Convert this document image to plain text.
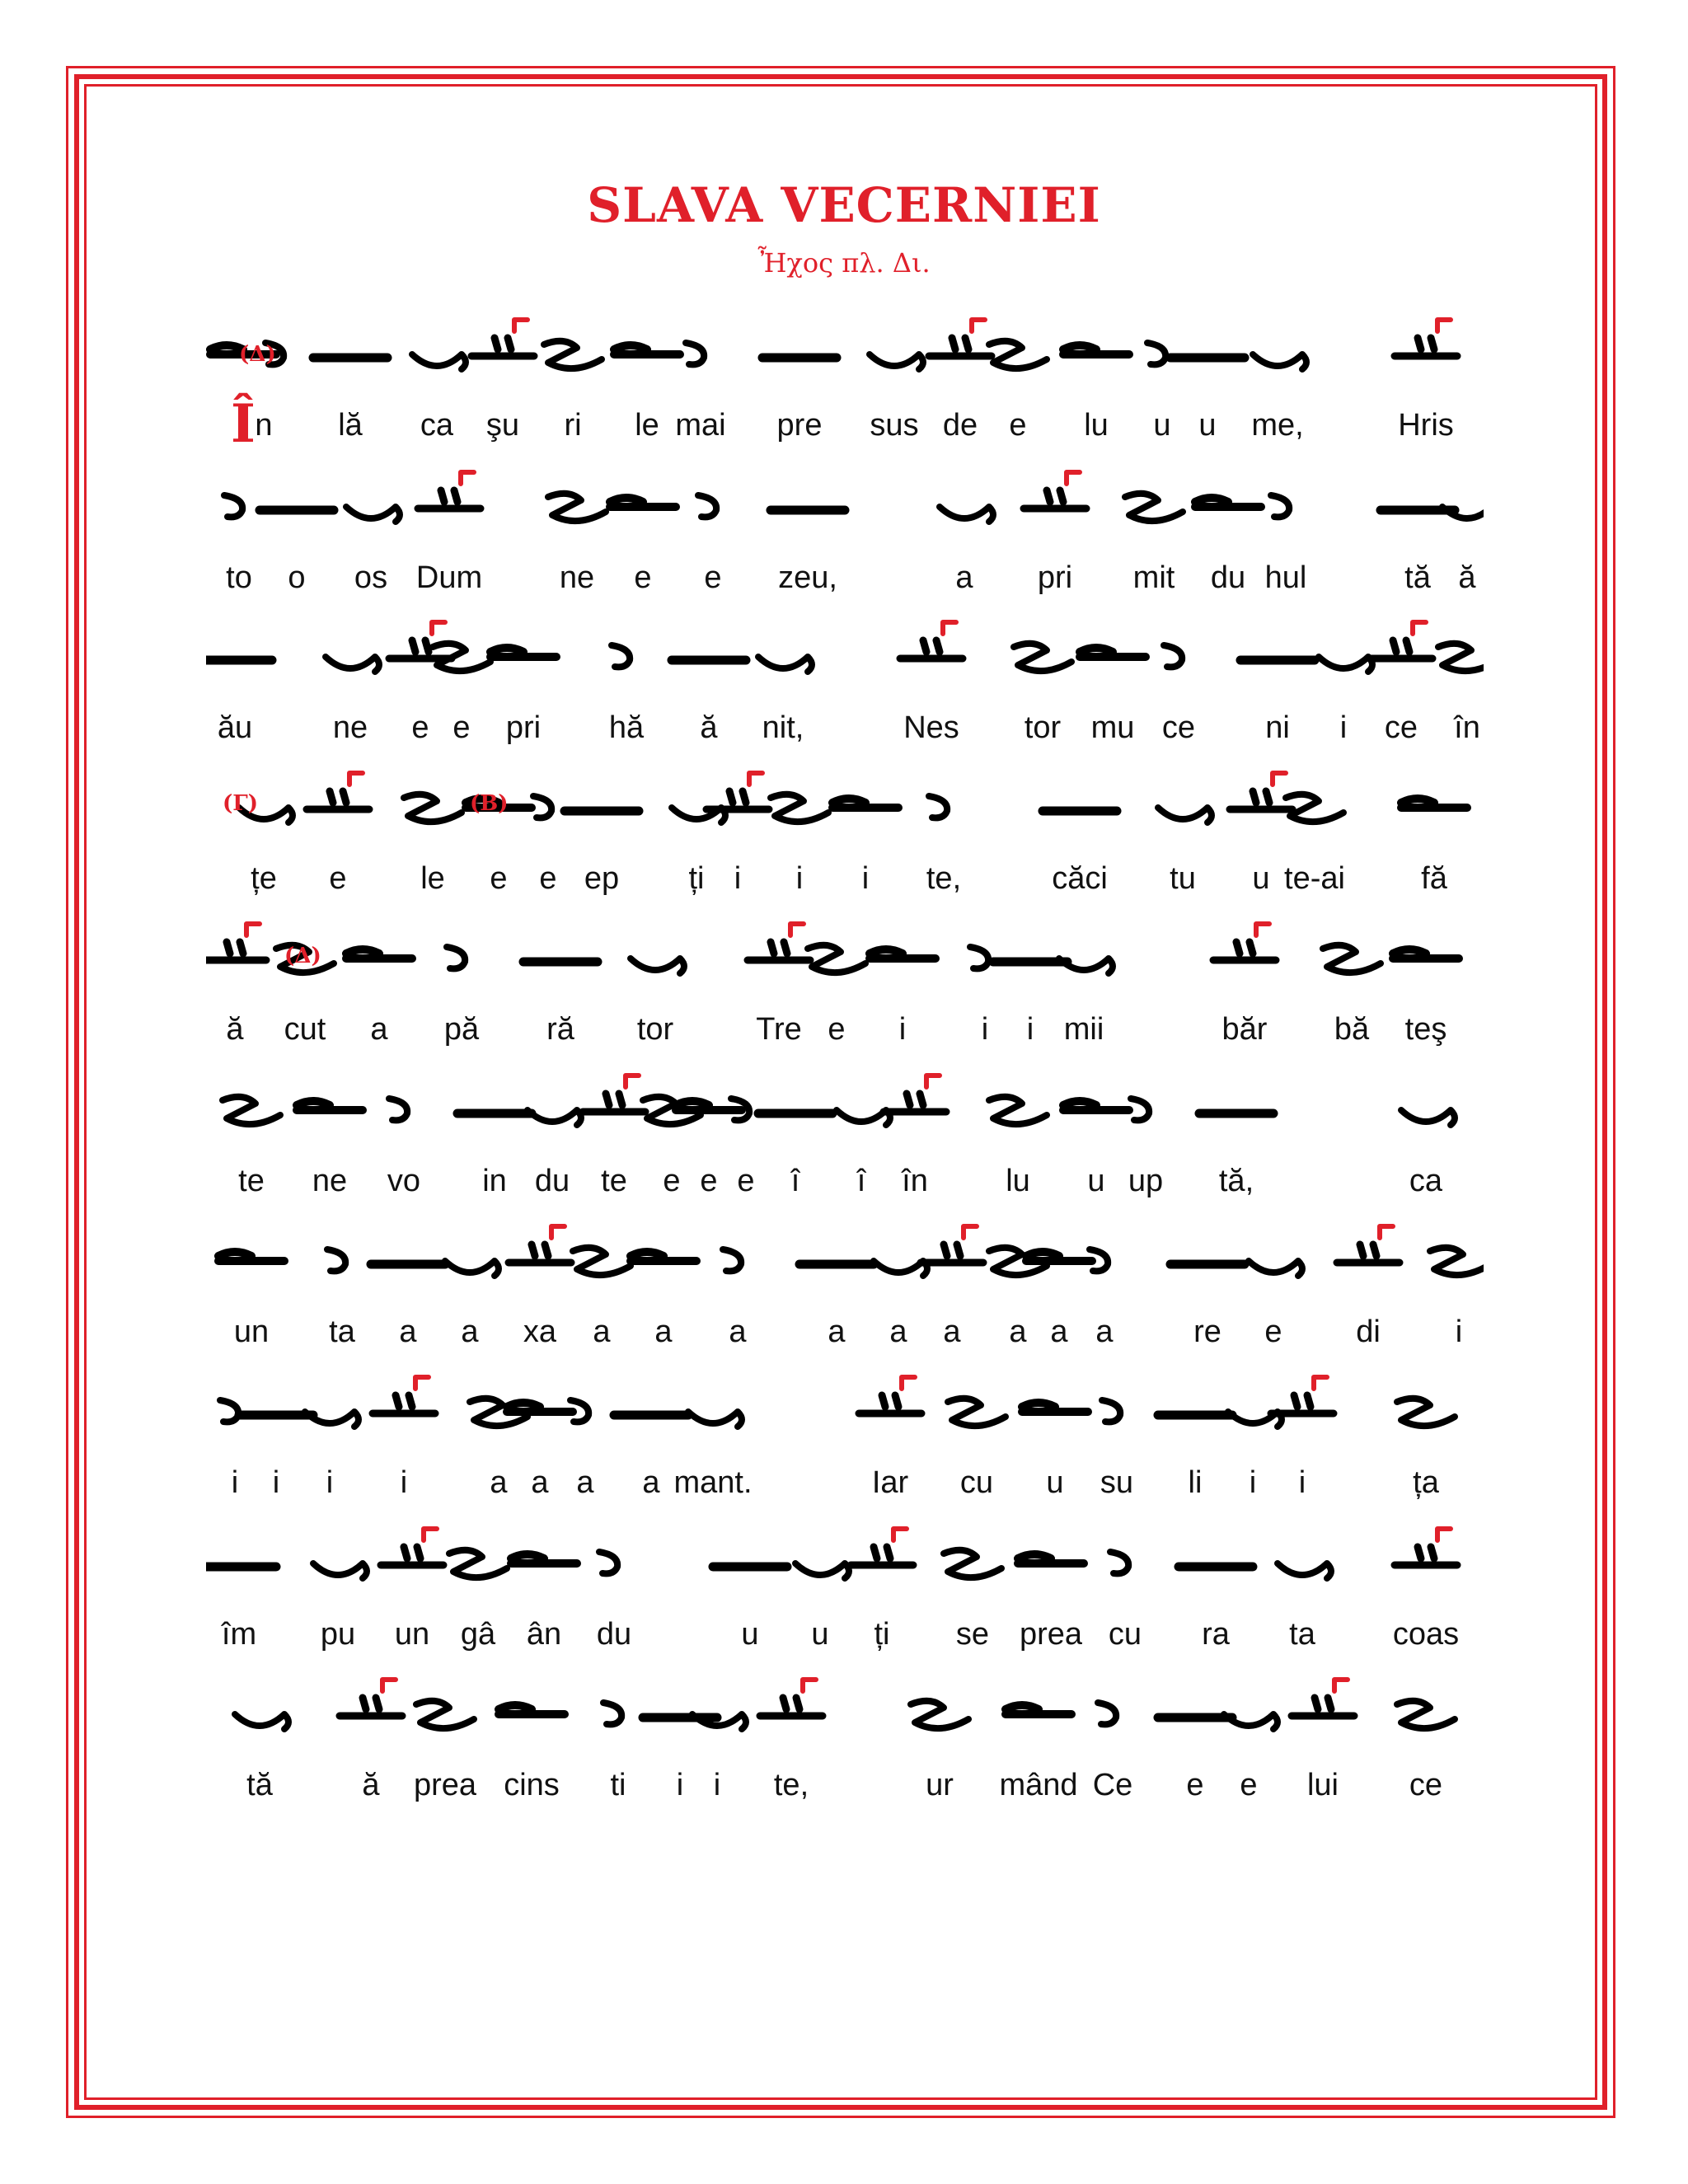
SLAVA VECERNIEI
Ἦχος πλ. Δι.
Î n lă ca şu ri le mai pre sus de e lu u u me,	Hris
to o os Dum ne e e zeu,	a pri mit du hul	tă ă
ău	ne e e pri hă ă nit,	Nes tor mu ce ni i ce în
țe e le e e ep ți i i i te,	căci tu u te-ai fă
ă cut a pă ră tor	Tre e i i i mii	băr bă teş
te ne vo in du te e e e î î în lu u up tă,	ca
un ta a a xa a a a	a a a a a a	re e di i
i i i i	a a a a mant.	Iar cu u su li i i	ța
îm pu un gâ ân du	u u ți se prea cu ra ta coas
tă	ă prea cins ti i i te,	ur mând Ce e e lui ce
(Δ)
(Γ)	(Β)
(Δ)
